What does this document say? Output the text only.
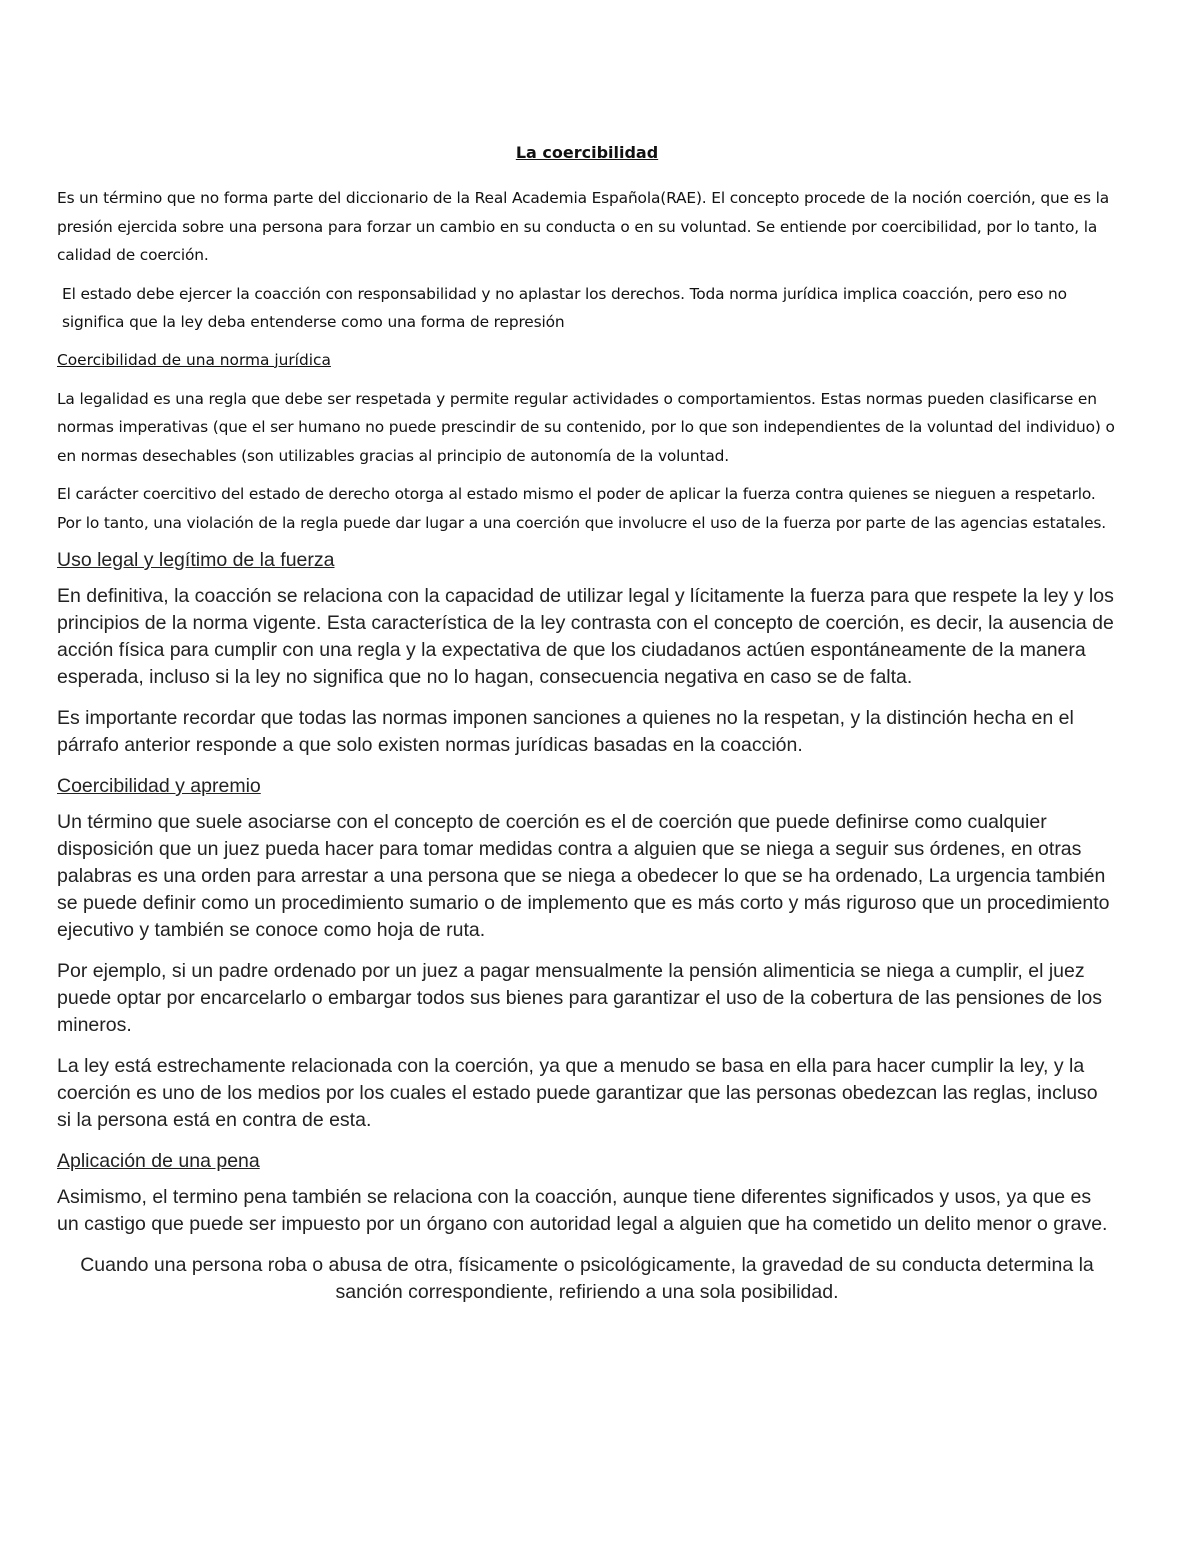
La coercibilidad

Es un término que no forma parte del diccionario de la Real Academia Española(RAE). El concepto procede de la noción coerción, que es la presión ejercida sobre una persona para forzar un cambio en su conducta o en su voluntad. Se entiende por coercibilidad, por lo tanto, la calidad de coerción.

El estado debe ejercer la coacción con responsabilidad y no aplastar los derechos. Toda norma jurídica implica coacción, pero eso no significa que la ley deba entenderse como una forma de represión

Coercibilidad de una norma jurídica

La legalidad es una regla que debe ser respetada y permite regular actividades o comportamientos. Estas normas pueden clasificarse en normas imperativas (que el ser humano no puede prescindir de su contenido, por lo que son independientes de la voluntad del individuo) o en normas desechables (son utilizables gracias al principio de autonomía de la voluntad.

El carácter coercitivo del estado de derecho otorga al estado mismo el poder de aplicar la fuerza contra quienes se nieguen a respetarlo. Por lo tanto, una violación de la regla puede dar lugar a una coerción que involucre el uso de la fuerza por parte de las agencias estatales.

Uso legal y legítimo de la fuerza

En definitiva, la coacción se relaciona con la capacidad de utilizar legal y lícitamente la fuerza para que respete la ley y los principios de la norma vigente. Esta característica de la ley contrasta con el concepto de coerción, es decir, la ausencia de acción física para cumplir con una regla y la expectativa de que los ciudadanos actúen espontáneamente de la manera esperada, incluso si la ley no significa que no lo hagan, consecuencia negativa en caso se de falta.

Es importante recordar que todas las normas imponen sanciones a quienes no la respetan, y la distinción hecha en el párrafo anterior responde a que solo existen normas jurídicas basadas en la coacción.

Coercibilidad y apremio

Un término que suele asociarse con el concepto de coerción es el de coerción que puede definirse como cualquier disposición que un juez pueda hacer para tomar medidas contra a alguien que se niega a seguir sus órdenes, en otras palabras es una orden para arrestar a una persona que se niega a obedecer lo que se ha ordenado, La urgencia también se puede definir como un procedimiento sumario o de implemento que es más corto y más riguroso que un procedimiento ejecutivo y también se conoce como hoja de ruta.

Por ejemplo, si un padre ordenado por un juez a pagar mensualmente la pensión alimenticia se niega a cumplir, el juez puede optar por encarcelarlo o embargar todos sus bienes para garantizar el uso de la cobertura de las pensiones de los mineros.

La ley está estrechamente relacionada con la coerción, ya que a menudo se basa en ella para hacer cumplir la ley, y la coerción es uno de los medios por los cuales el estado puede garantizar que las personas obedezcan las reglas, incluso si la persona está en contra de esta.

Aplicación de una pena

Asimismo, el termino pena también se relaciona con la coacción, aunque tiene diferentes significados y usos, ya que es un castigo que puede ser impuesto por un órgano con autoridad legal a alguien que ha cometido un delito menor o grave.

Cuando una persona roba o abusa de otra, físicamente o psicológicamente, la gravedad de su conducta determina la sanción correspondiente, refiriendo a una sola posibilidad.
